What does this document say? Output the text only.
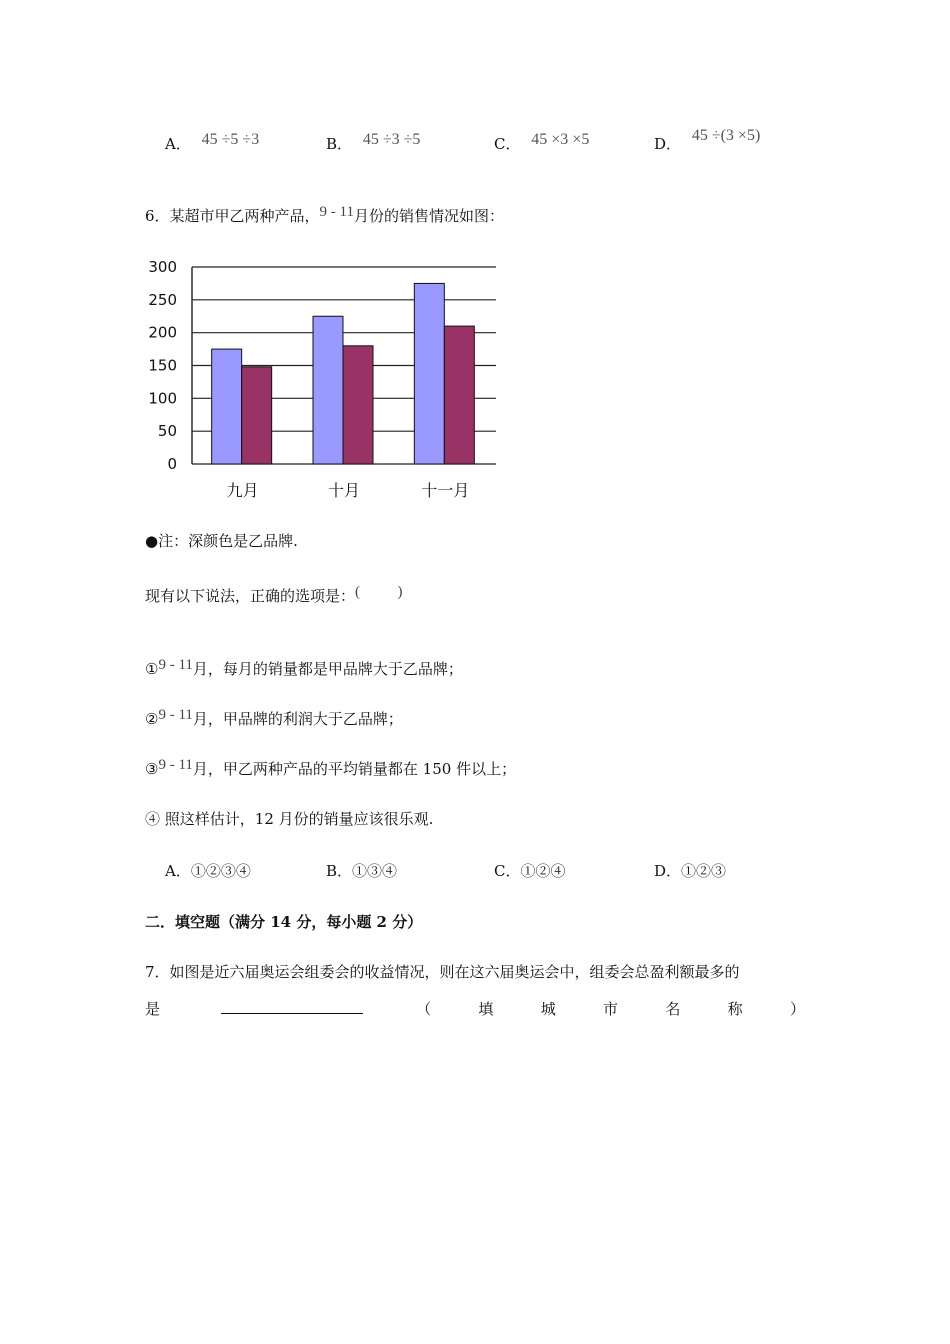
A． 45 ÷5 ÷3	B． 45 ÷3 ÷5	C． 45 ×3 ×5	D． 45 ÷(3 ×5)
6．某超市甲乙两种产品，9 - 11月份的销售情况如图：
0
50
100
150
200
250
300
九月	十月	十一月
●注：深颜色是乙品牌.
现有以下说法，正确的选项是：(          )
①9 - 11月，每月的销量都是甲品牌大于乙品牌；
②9 - 11月，甲品牌的利润大于乙品牌；
③9 - 11月，甲乙两种产品的平均销量都在 150 件以上；
④ 照这样估计，12 月份的销量应该很乐观.
A．①②③④	B．①③④	C．①②④	D．①②③
二．填空题（满分 14 分，每小题 2 分）
7．如图是近六届奥运会组委会的收益情况，则在这六届奥运会中，组委会总盈利额最多的
是	（	填	城	市	名	称	）
